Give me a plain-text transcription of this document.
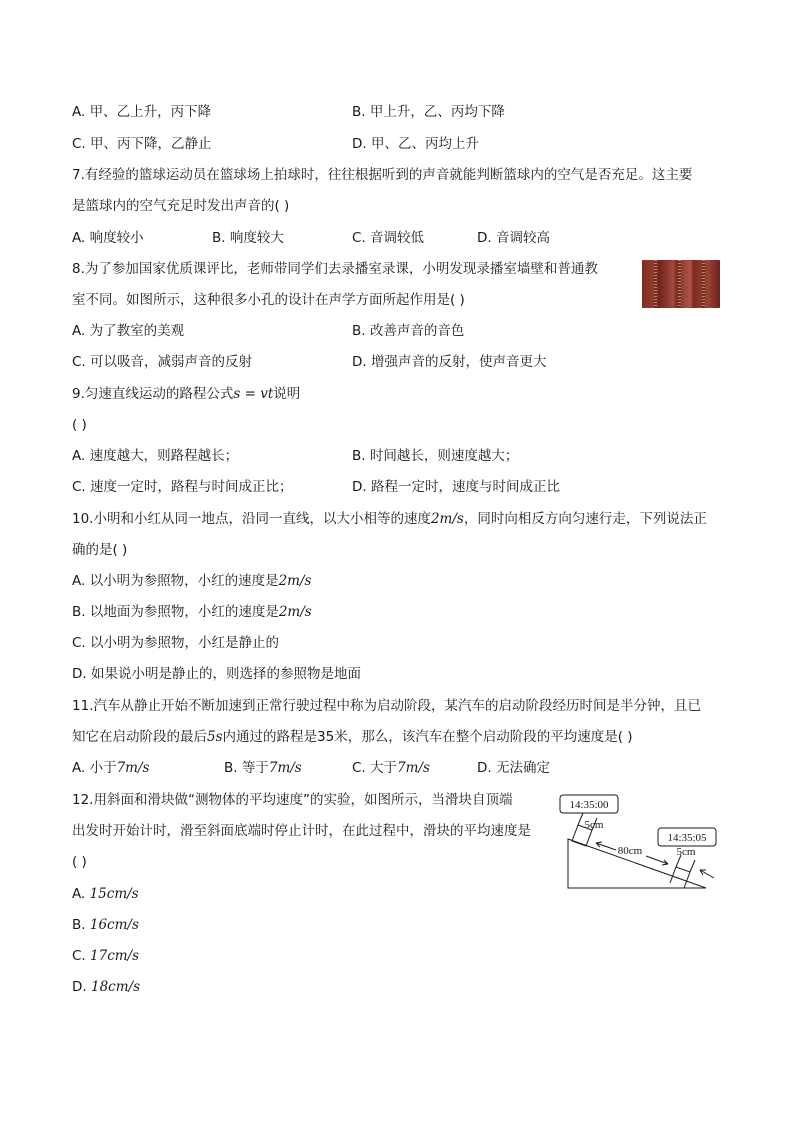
A. 甲、乙上升，丙下降	B. 甲上升，乙、丙均下降
C. 甲、丙下降，乙静止	D. 甲、乙、丙均上升
7.有经验的篮球运动员在篮球场上拍球时，往往根据听到的声音就能判断篮球内的空气是否充足。这主要
是篮球内的空气充足时发出声音的( )
A. 响度较小	B. 响度较大	C. 音调较低	D. 音调较高
8.为了参加国家优质课评比，老师带同学们去录播室录课，小明发现录播室墙壁和普通教
室不同。如图所示，这种很多小孔的设计在声学方面所起作用是( )
A. 为了教室的美观	B. 改善声音的音色
C. 可以吸音，减弱声音的反射	D. 增强声音的反射，使声音更大
9.匀速直线运动的路程公式s = vt说明
( )
A. 速度越大，则路程越长；	B. 时间越长，则速度越大；
C. 速度一定时，路程与时间成正比；	D. 路程一定时，速度与时间成正比
10.小明和小红从同一地点，沿同一直线，以大小相等的速度2m/s，同时向相反方向匀速行走，下列说法正
确的是( )
A. 以小明为参照物，小红的速度是2m/s
B. 以地面为参照物，小红的速度是2m/s
C. 以小明为参照物，小红是静止的
D. 如果说小明是静止的，则选择的参照物是地面
11.汽车从静止开始不断加速到正常行驶过程中称为启动阶段，某汽车的启动阶段经历时间是半分钟，且已
知它在启动阶段的最后5s内通过的路程是35米，那么，该汽车在整个启动阶段的平均速度是( )
A. 小于7m/s	B. 等于7m/s	C. 大于7m/s	D. 无法确定
12.用斜面和滑块做“测物体的平均速度”的实验，如图所示，当滑块自顶端
出发时开始计时，滑至斜面底端时停止计时，在此过程中，滑块的平均速度是
( )
A. 15cm/s
B. 16cm/s
C. 17cm/s
D. 18cm/s
14:35:00
14:35:05
5cm
80cm	5cm
